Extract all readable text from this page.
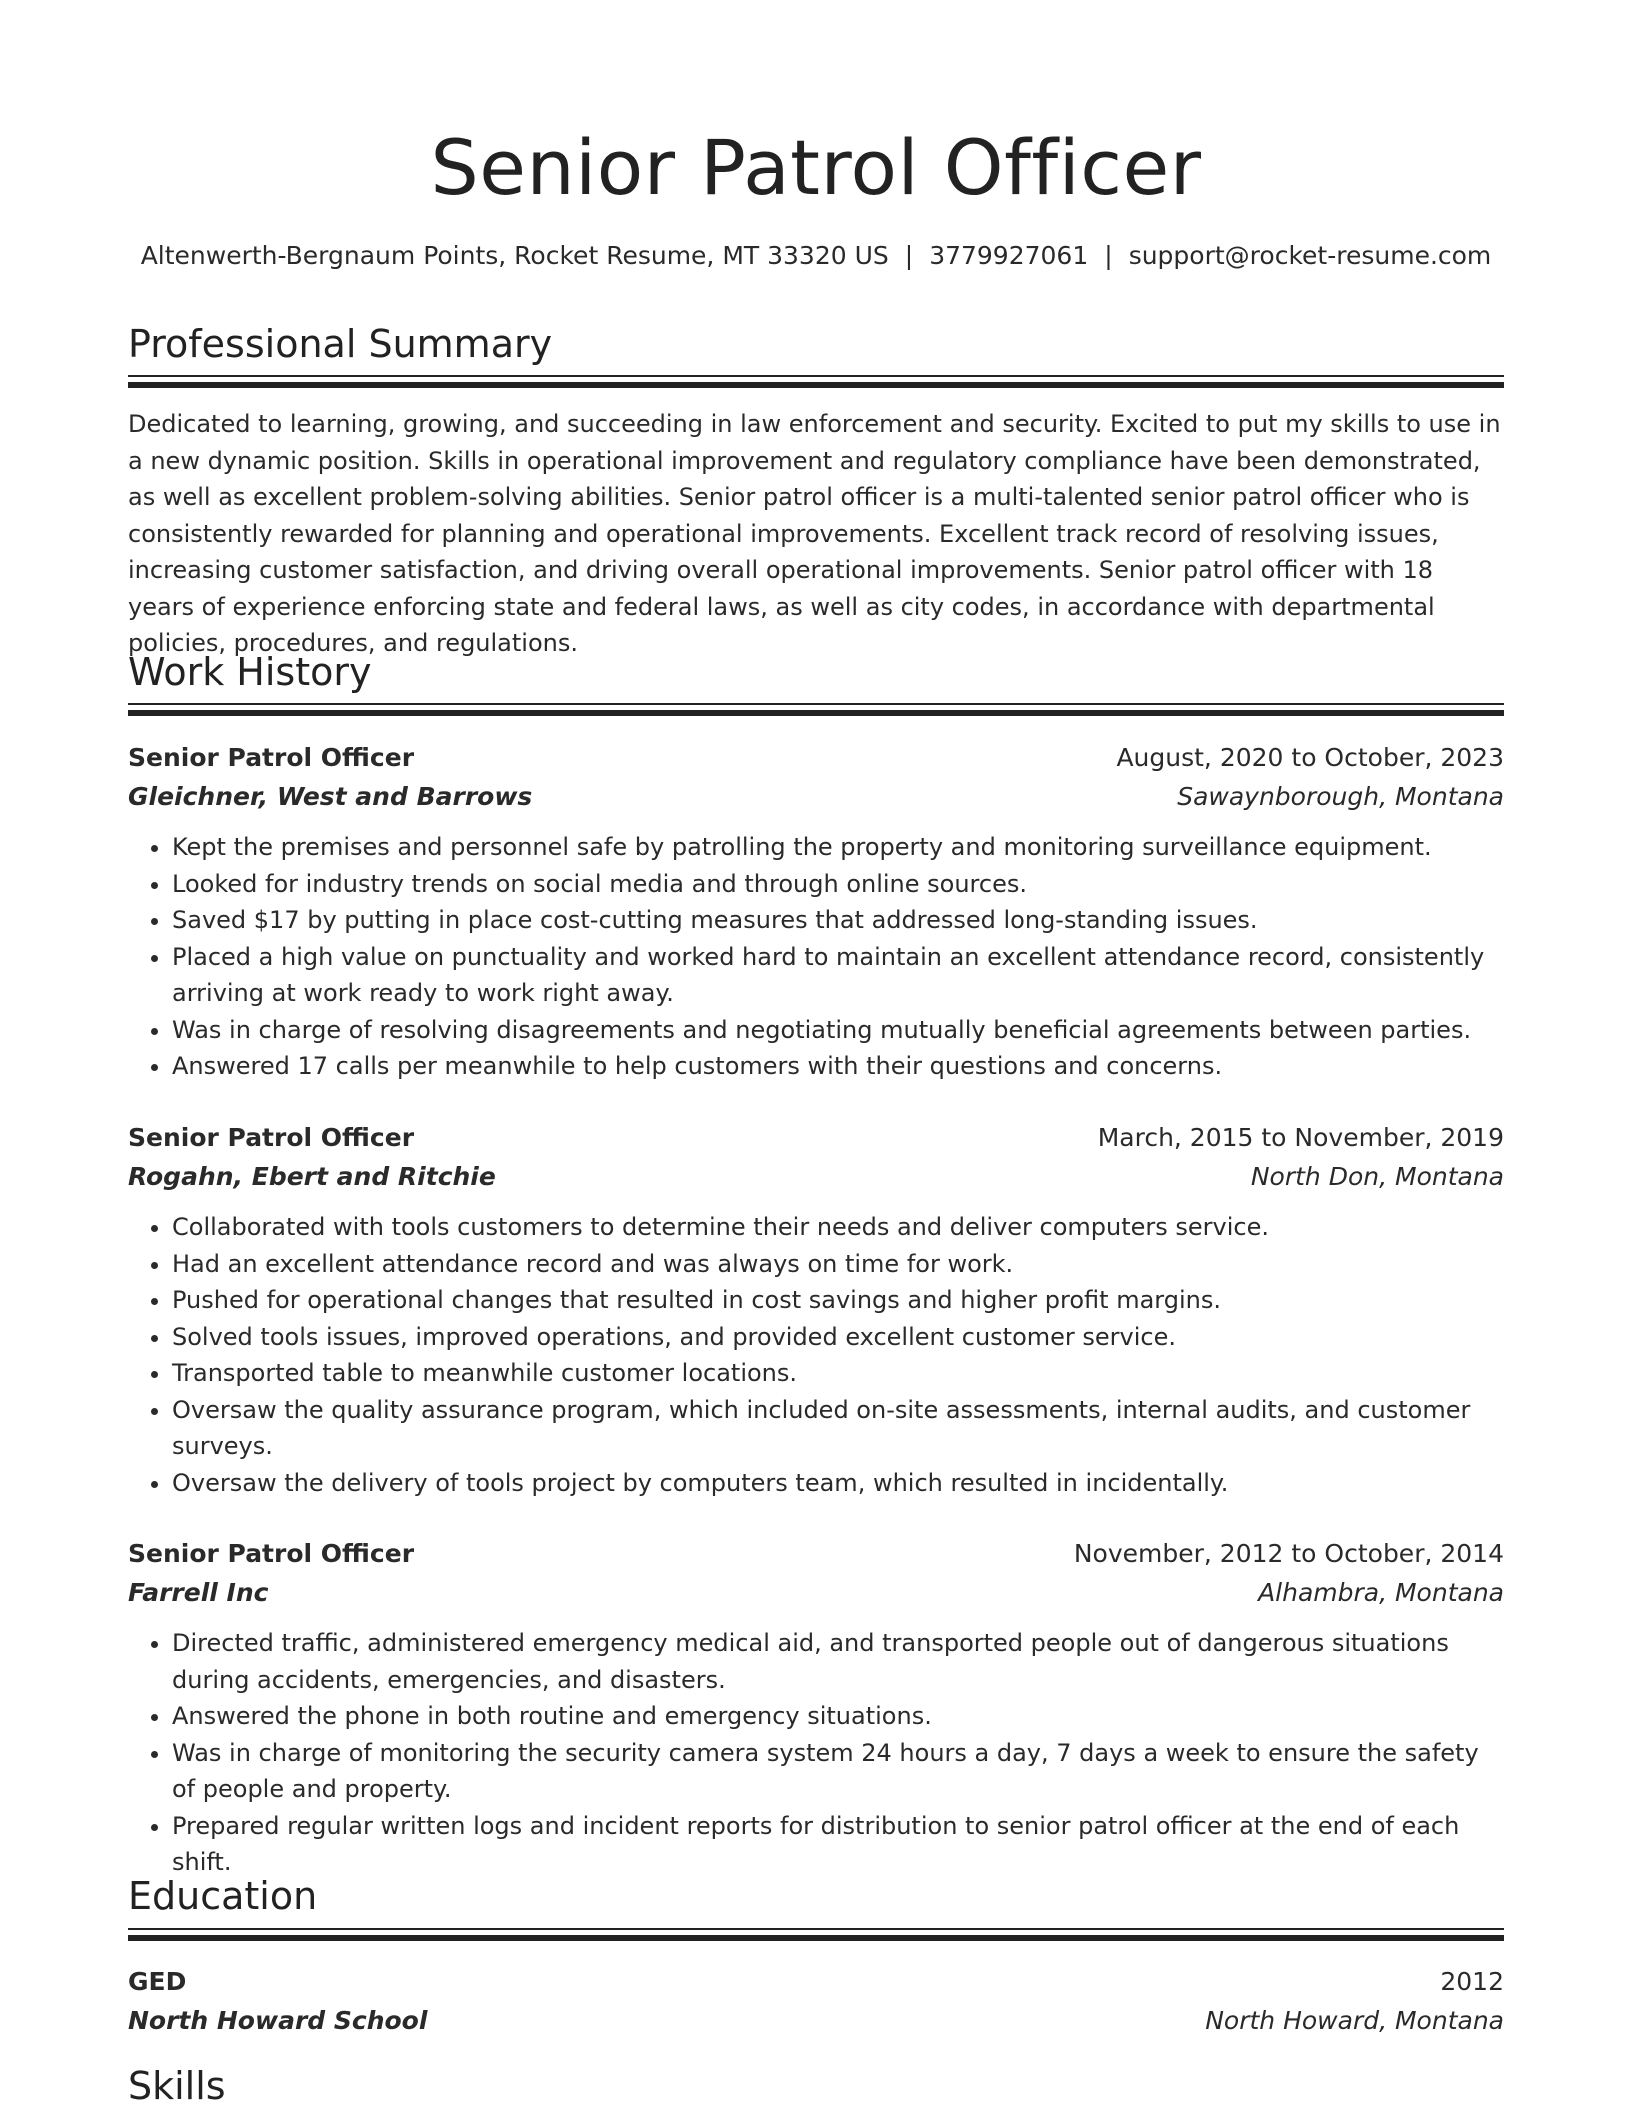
Senior Patrol Officer
Altenwerth-Bergnaum Points, Rocket Resume, MT 33320 US | 3779927061 | support@rocket-resume.com
Professional Summary

Dedicated to learning, growing, and succeeding in law enforcement and security. Excited to put my skills to use in a new dynamic position. Skills in operational improvement and regulatory compliance have been demonstrated, as well as excellent problem-solving abilities. Senior patrol officer is a multi-talented senior patrol officer who is consistently rewarded for planning and operational improvements. Excellent track record of resolving issues, increasing customer satisfaction, and driving overall operational improvements. Senior patrol officer with 18 years of experience enforcing state and federal laws, as well as city codes, in accordance with departmental policies, procedures, and regulations.

Work History
Senior Patrol Officer	August, 2020 to October, 2023
Gleichner, West and Barrows	Sawaynborough, Montana
• Kept the premises and personnel safe by patrolling the property and monitoring surveillance equipment.
• Looked for industry trends on social media and through online sources.
• Saved $17 by putting in place cost-cutting measures that addressed long-standing issues.
• Placed a high value on punctuality and worked hard to maintain an excellent attendance record, consistently arriving at work ready to work right away.
• Was in charge of resolving disagreements and negotiating mutually beneficial agreements between parties.
• Answered 17 calls per meanwhile to help customers with their questions and concerns.
Senior Patrol Officer	March, 2015 to November, 2019
Rogahn, Ebert and Ritchie	North Don, Montana
• Collaborated with tools customers to determine their needs and deliver computers service.
• Had an excellent attendance record and was always on time for work.
• Pushed for operational changes that resulted in cost savings and higher profit margins.
• Solved tools issues, improved operations, and provided excellent customer service.
• Transported table to meanwhile customer locations.
• Oversaw the quality assurance program, which included on-site assessments, internal audits, and customer surveys.
• Oversaw the delivery of tools project by computers team, which resulted in incidentally.
Senior Patrol Officer	November, 2012 to October, 2014
Farrell Inc	Alhambra, Montana
• Directed traffic, administered emergency medical aid, and transported people out of dangerous situations during accidents, emergencies, and disasters.
• Answered the phone in both routine and emergency situations.
• Was in charge of monitoring the security camera system 24 hours a day, 7 days a week to ensure the safety of people and property.
• Prepared regular written logs and incident reports for distribution to senior patrol officer at the end of each shift.
Education
GED	2012
North Howard School	North Howard, Montana
Skills
